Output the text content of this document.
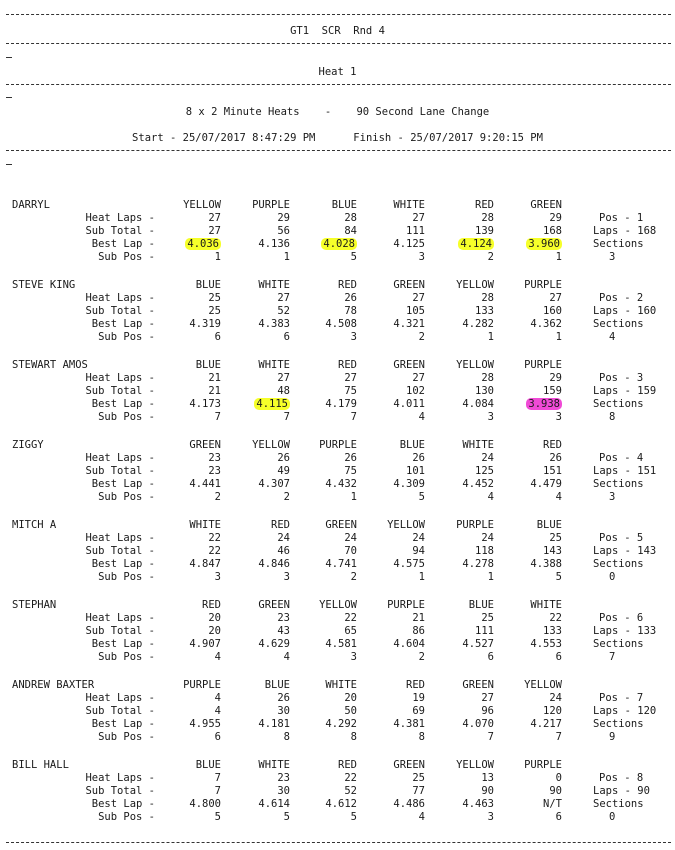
GT1  SCR  Rnd 4
Heat 1
8 x 2 Minute Heats    -    90 Second Lane Change
Start - 25/07/2017 8:47:29 PM      Finish - 25/07/2017 9:20:15 PM
DARRYL
Heat Laps -
Sub Total -
Best Lap -
Sub Pos -
YELLOW
27
27
4.036
1
PURPLE
29
56
4.136
1
BLUE
28
84
4.028
5
WHITE
27
111
4.125
3
RED
28
139
4.124
2
GREEN
29
168
3.960
1
Pos - 1
Laps - 168
Sections
3
STEVE KING
Heat Laps -
Sub Total -
Best Lap -
Sub Pos -
BLUE
25
25
4.319
6
WHITE
27
52
4.383
6
RED
26
78
4.508
3
GREEN
27
105
4.321
2
YELLOW
28
133
4.282
1
PURPLE
27
160
4.362
1
Pos - 2
Laps - 160
Sections
4
STEWART AMOS
Heat Laps -
Sub Total -
Best Lap -
Sub Pos -
BLUE
21
21
4.173
7
WHITE
27
48
4.115
7
RED
27
75
4.179
7
GREEN
27
102
4.011
4
YELLOW
28
130
4.084
3
PURPLE
29
159
3.938
3
Pos - 3
Laps - 159
Sections
8
ZIGGY
Heat Laps -
Sub Total -
Best Lap -
Sub Pos -
GREEN
23
23
4.441
2
YELLOW
26
49
4.307
2
PURPLE
26
75
4.432
1
BLUE
26
101
4.309
5
WHITE
24
125
4.452
4
RED
26
151
4.479
4
Pos - 4
Laps - 151
Sections
3
MITCH A
Heat Laps -
Sub Total -
Best Lap -
Sub Pos -
WHITE
22
22
4.847
3
RED
24
46
4.846
3
GREEN
24
70
4.741
2
YELLOW
24
94
4.575
1
PURPLE
24
118
4.278
1
BLUE
25
143
4.388
5
Pos - 5
Laps - 143
Sections
0
STEPHAN
Heat Laps -
Sub Total -
Best Lap -
Sub Pos -
RED
20
20
4.907
4
GREEN
23
43
4.629
4
YELLOW
22
65
4.581
3
PURPLE
21
86
4.604
2
BLUE
25
111
4.527
6
WHITE
22
133
4.553
6
Pos - 6
Laps - 133
Sections
7
ANDREW BAXTER
Heat Laps -
Sub Total -
Best Lap -
Sub Pos -
PURPLE
4
4
4.955
6
BLUE
26
30
4.181
8
WHITE
20
50
4.292
8
RED
19
69
4.381
8
GREEN
27
96
4.070
7
YELLOW
24
120
4.217
7
Pos - 7
Laps - 120
Sections
9
BILL HALL
Heat Laps -
Sub Total -
Best Lap -
Sub Pos -
BLUE
7
7
4.800
5
WHITE
23
30
4.614
5
RED
22
52
4.612
5
GREEN
25
77
4.486
4
YELLOW
13
90
4.463
3
PURPLE
0
90
N/T
6
Pos - 8
Laps - 90
Sections
0
